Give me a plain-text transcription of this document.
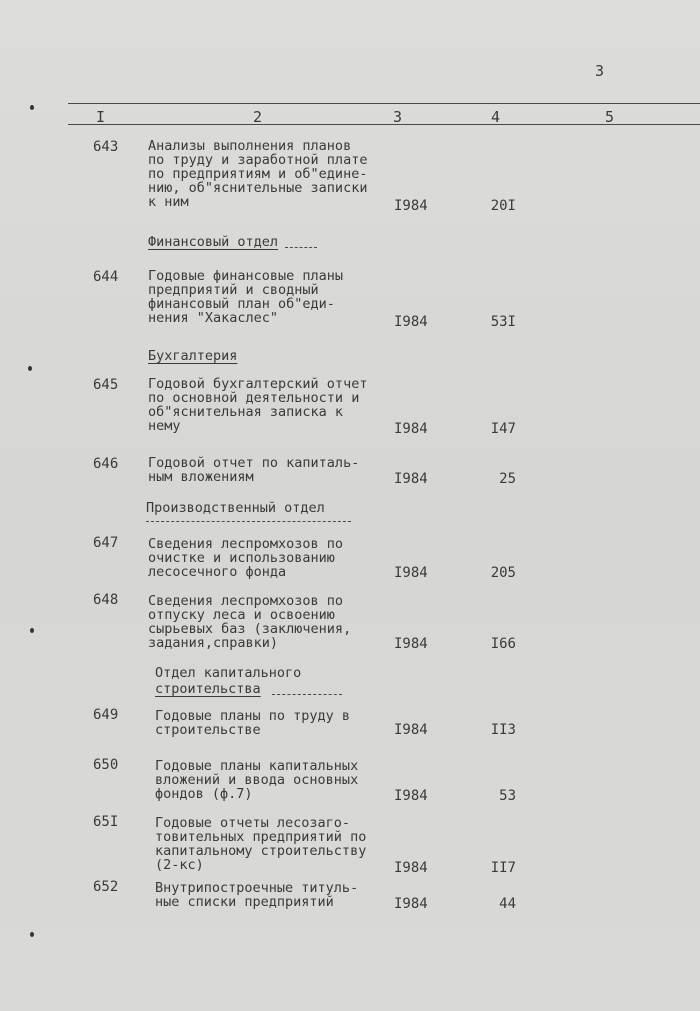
3
I	2	3	4	5
643 Анализы выполнения планов
по труду и заработной плате
по предприятиям и об"едине-
нию, об"яснительные записки
к ним	I984	20I
Финансовый отдел
644 Годовые финансовые планы
предприятий и сводный
финансовый план об"еди-
нения "Хакаслес"	I984	53I
Бухгалтерия
645 Годовой бухгалтерский отчет
по основной деятельности и
об"яснительная записка к
нему	I984	I47
646 Годовой отчет по капиталь-
ным вложениям	I984	25
Производственный отдел
647 Сведения леспромхозов по
очистке и использованию
лесосечного фонда	I984	205
648 Сведения леспромхозов по
отпуску леса и освоению
сырьевых баз (заключения,
задания,справки)	I984	I66
Отдел капитального
строительства
649	Годовые планы по труду в
строительстве	I984	II3
650	Годовые планы капитальных
вложений и ввода основных
фондов (ф.7)	I984	53
65I	Годовые отчеты лесозаго-
товительных предприятий по
капитальному строительству
(2-кс)	I984	II7
652	Внутрипостроечные титуль-
ные списки предприятий	I984	44
